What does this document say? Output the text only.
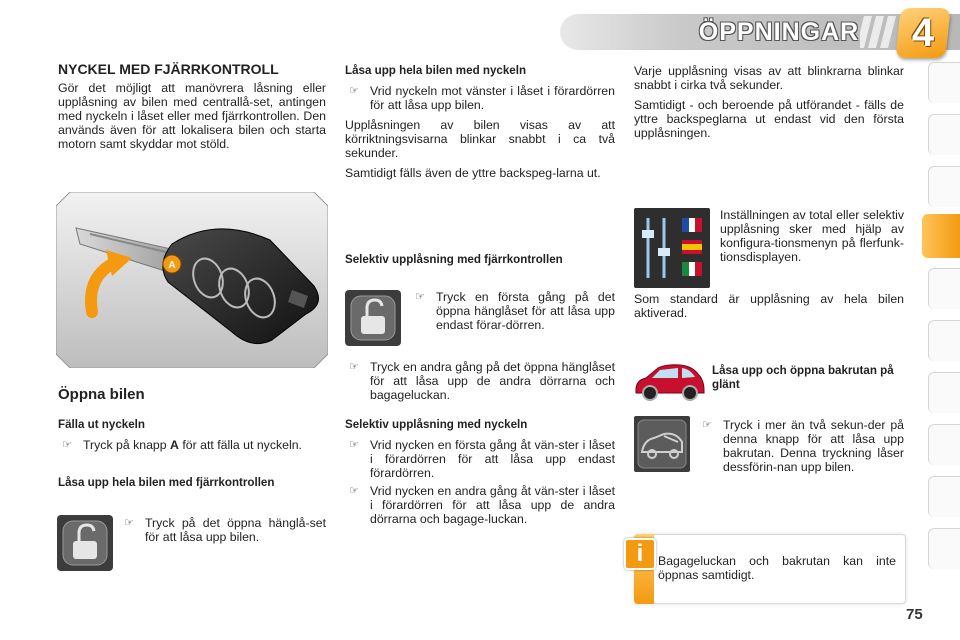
ÖPPNINGAR	4

NYCKEL MED FJÄRRKONTROLL

Gör det möjligt att manövrera låsning eller upplåsning av bilen med centrallå-set, antingen med nyckeln i låset eller med fjärrkontrollen. Den används även för att lokalisera bilen och starta motorn samt skyddar mot stöld.

A

Öppna bilen

Fälla ut nyckeln

☞ Tryck på knapp A för att fälla ut nyckeln.

Låsa upp hela bilen med fjärrkontrollen

☞ Tryck på det öppna hänglå-set för att låsa upp bilen.

Låsa upp hela bilen med nyckeln

☞ Vrid nyckeln mot vänster i låset i förardörren för att låsa upp bilen.

Upplåsningen av bilen visas av att körriktningsvisarna blinkar snabbt i ca två sekunder.

Samtidigt fälls även de yttre backspeg-larna ut.

Selektiv upplåsning med fjärrkontrollen

☞ Tryck en första gång på det öppna hänglåset för att låsa upp endast förar-dörren.

☞ Tryck en andra gång på det öppna hänglåset för att låsa upp de andra dörrarna och bagageluckan.

Selektiv upplåsning med nyckeln

☞ Vrid nycken en första gång åt vän-ster i låset i förardörren för att låsa upp endast förardörren.

☞ Vrid nycken en andra gång åt vän-ster i låset i förardörren för att låsa upp de andra dörrarna och bagage-luckan.

Varje upplåsning visas av att blinkrarna blinkar snabbt i cirka två sekunder.

Samtidigt - och beroende på utförandet - fälls de yttre backspeglarna ut endast vid den första upplåsningen.

Inställningen av total eller selektiv upplåsning sker med hjälp av konfigura-tionsmenyn på flerfunk-tionsdisplayen.

Som standard är upplåsning av hela bilen aktiverad.

Låsa upp och öppna bakrutan på glänt

☞ Tryck i mer än två sekun-der på denna knapp för att låsa upp bakrutan. Denna tryckning låser dessförin-nan upp bilen.

i	Bagageluckan och bakrutan kan inte öppnas samtidigt.

75
